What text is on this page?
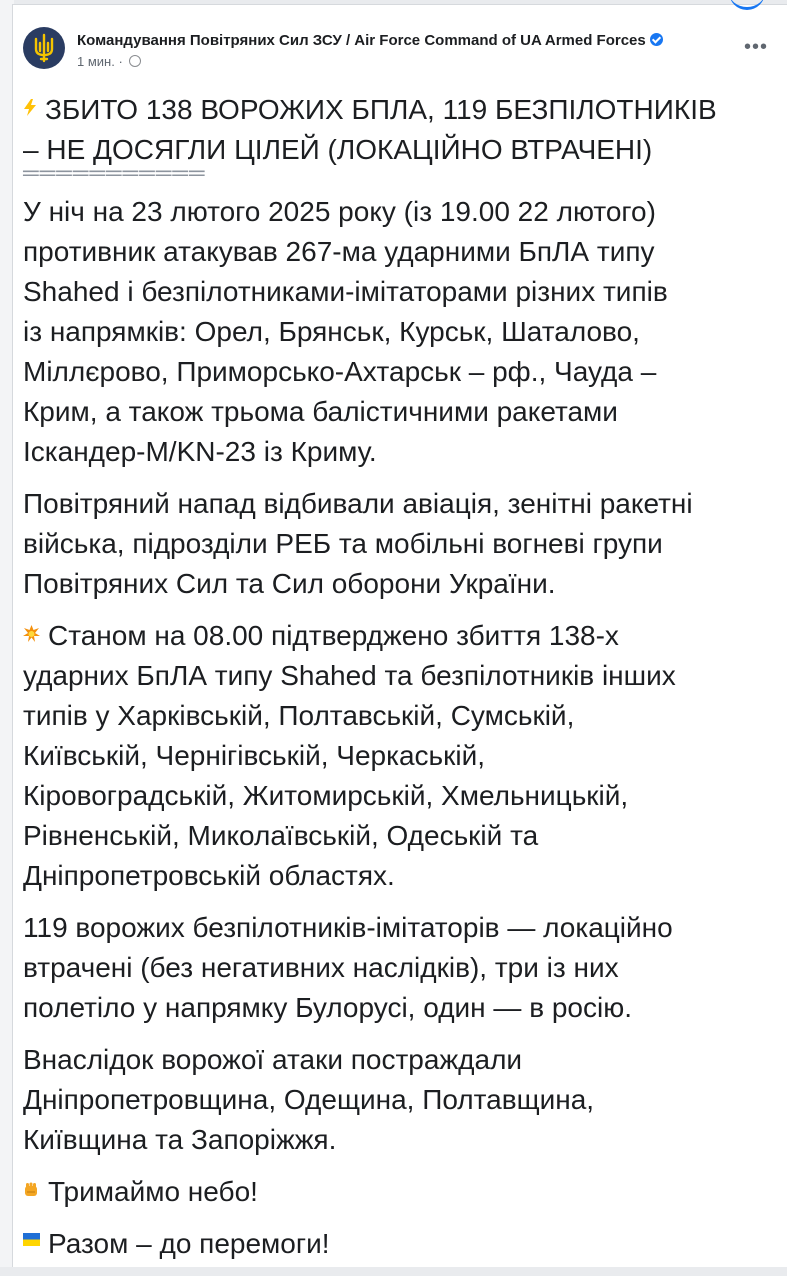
Командування Повітряних Сил ЗСУ / Air Force Command of UA Armed Forces
1 мин. ·
•••

ЗБИТО 138 ВОРОЖИХ БПЛА, 119 БЕЗПІЛОТНИКІВ
– НЕ ДОСЯГЛИ ЦІЛЕЙ (ЛОКАЦІЙНО ВТРАЧЕНІ)

═══════════

У ніч на 23 лютого 2025 року (із 19.00 22 лютого)
противник атакував 267-ма ударними БпЛА типу
Shahed і безпілотниками-імітаторами різних типів
із напрямків: Орел, Брянськ, Курськ, Шаталово,
Міллєрово, Приморсько-Ахтарськ – рф., Чауда –
Крим, а також трьома балістичними ракетами
Іскандер-М/KN-23 із Криму.

Повітряний напад відбивали авіація, зенітні ракетні
війська, підрозділи РЕБ та мобільні вогневі групи
Повітряних Сил та Сил оборони України.

Станом на 08.00 підтверджено збиття 138-х
ударних БпЛА типу Shahed та безпілотників інших
типів у Харківській, Полтавській, Сумській,
Київській, Чернігівській, Черкаській,
Кіровоградській, Житомирській, Хмельницькій,
Рівненській, Миколаївській, Одеській та
Дніпропетровській областях.

119 ворожих безпілотників-імітаторів — локаційно
втрачені (без негативних наслідків), три із них
полетіло у напрямку Булорусі, один — в росію.

Внаслідок ворожої атаки постраждали
Дніпропетровщина, Одещина, Полтавщина,
Київщина та Запоріжжя.

Тримаймо небо!
Разом – до перемоги!
